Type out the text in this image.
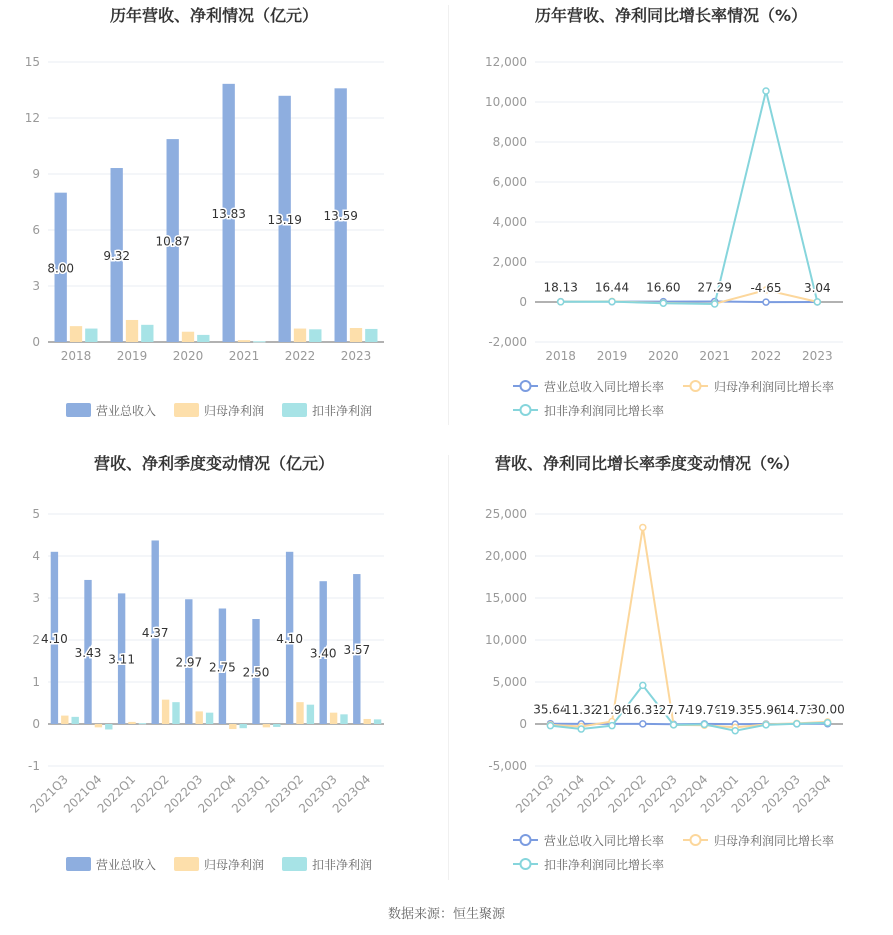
历年营收、净利情况（亿元）
0
3
6
9
12
15
2018 2019 2020 2021 2022 2023
8.00
9.32
10.87
13.83 13.19 13.59
营业总收入	归母净利润	扣非净利润
历年营收、净利同比增长率情况（%）
-2,000
0
2,000
4,000
6,000
8,000
10,000
12,000
2018 2019 2020 2021 2022 2023
18.13 16.44 16.60 27.29 -4.65 3.04
营业总收入同比增长率	归母净利润同比增长率
扣非净利润同比增长率
营收、净利季度变动情况（亿元）
-1
0
1
2
3
4
5
2021Q3
2021Q4
2022Q1
2022Q2
2022Q3
2022Q4
2023Q1
2023Q2
2023Q3
2023Q4
4.10
3.43 3.11
4.37
2.97 2.75 2.50
4.10
3.40 3.57
营业总收入	归母净利润	扣非净利润
营收、净利同比增长率季度变动情况（%）
-5,000
0
5,000
10,000
15,000
20,000
25,000
2021Q3
2021Q4
2022Q1
2022Q2
2022Q3
2022Q4
2023Q1
2023Q2
2023Q3
2023Q4
35.64
11.32
21.96
16.31
-27.74
19.76
-19.35
-5.96
14.73
30.00
营业总收入同比增长率	归母净利润同比增长率
扣非净利润同比增长率
数据来源：恒生聚源
